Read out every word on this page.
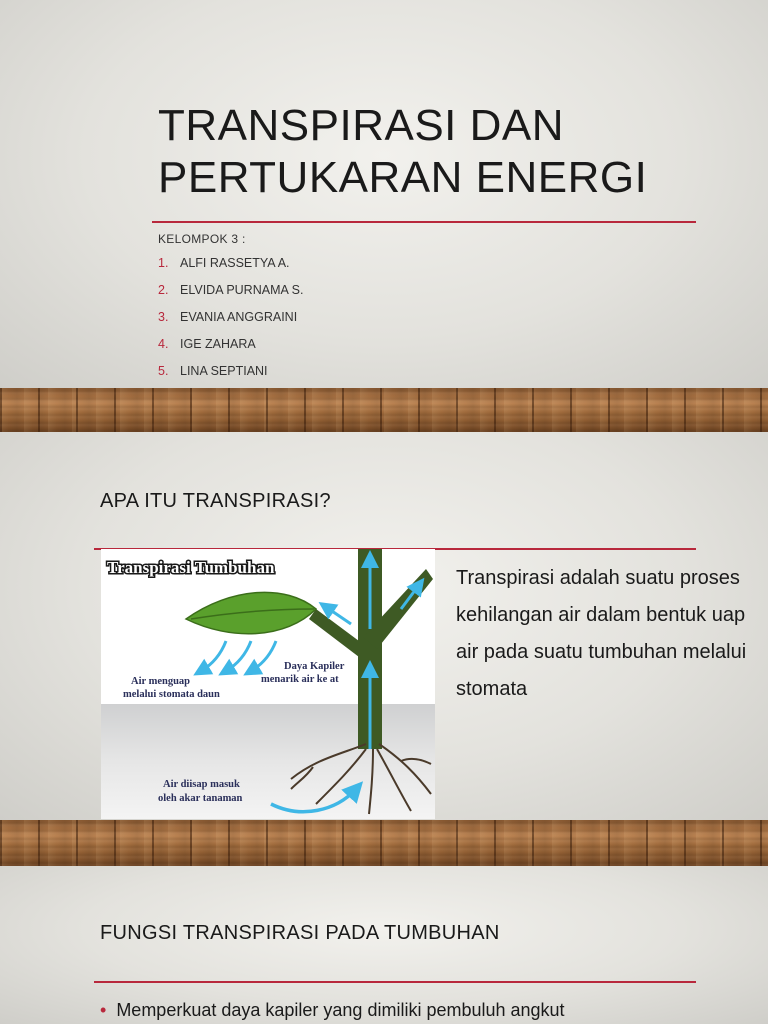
TRANSPIRASI DAN
PERTUKARAN ENERGI
KELOMPOK 3 :
1. ALFI RASSETYA A.
2. ELVIDA PURNAMA S.
3. EVANIA ANGGRAINI
4. IGE ZAHARA
5. LINA SEPTIANI
APA ITU TRANSPIRASI?
Transpirasi Tumbuhan
Air menguap
melalui stomata daun
Daya Kapiler
menarik air ke at
Air diisap masuk
oleh akar tanaman
Transpirasi adalah suatu proses kehilangan air dalam bentuk uap air pada suatu tumbuhan melalui stomata
FUNGSI TRANSPIRASI PADA TUMBUHAN
• Memperkuat daya kapiler yang dimiliki pembuluh angkut
